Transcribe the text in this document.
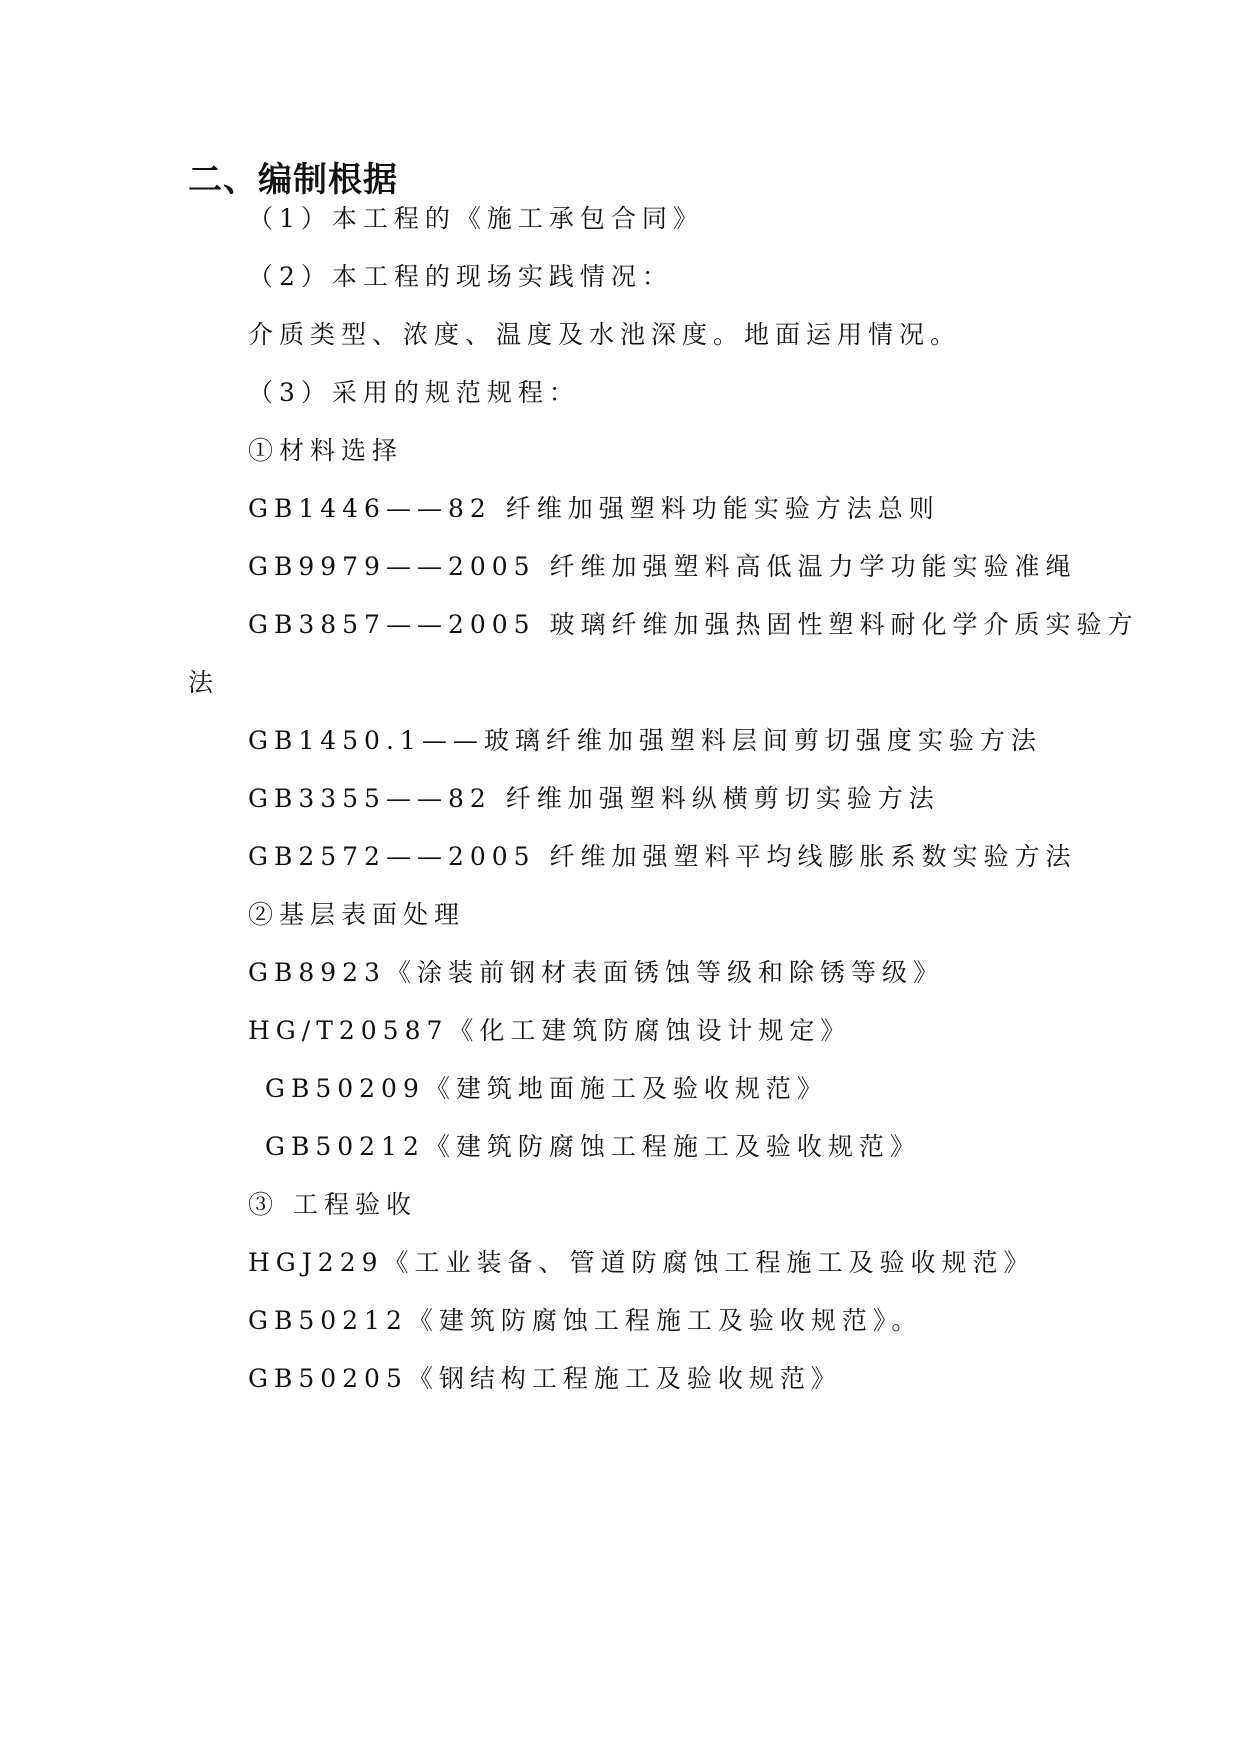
二、编制根据
（1）本工程的《施工承包合同》
（2）本工程的现场实践情况：
介质类型、浓度、温度及水池深度。地面运用情况。
（3）采用的规范规程：
①材料选择
GB1446——82 纤维加强塑料功能实验方法总则
GB9979——2005 纤维加强塑料高低温力学功能实验准绳
GB3857——2005 玻璃纤维加强热固性塑料耐化学介质实验方
法
GB1450.1——玻璃纤维加强塑料层间剪切强度实验方法
GB3355——82 纤维加强塑料纵横剪切实验方法
GB2572——2005 纤维加强塑料平均线膨胀系数实验方法
②基层表面处理
GB8923《涂装前钢材表面锈蚀等级和除锈等级》
HG/T20587《化工建筑防腐蚀设计规定》
GB50209《建筑地面施工及验收规范》
GB50212《建筑防腐蚀工程施工及验收规范》
③ 工程验收
HGJ229《工业装备、管道防腐蚀工程施工及验收规范》
GB50212《建筑防腐蚀工程施工及验收规范》。
GB50205《钢结构工程施工及验收规范》
